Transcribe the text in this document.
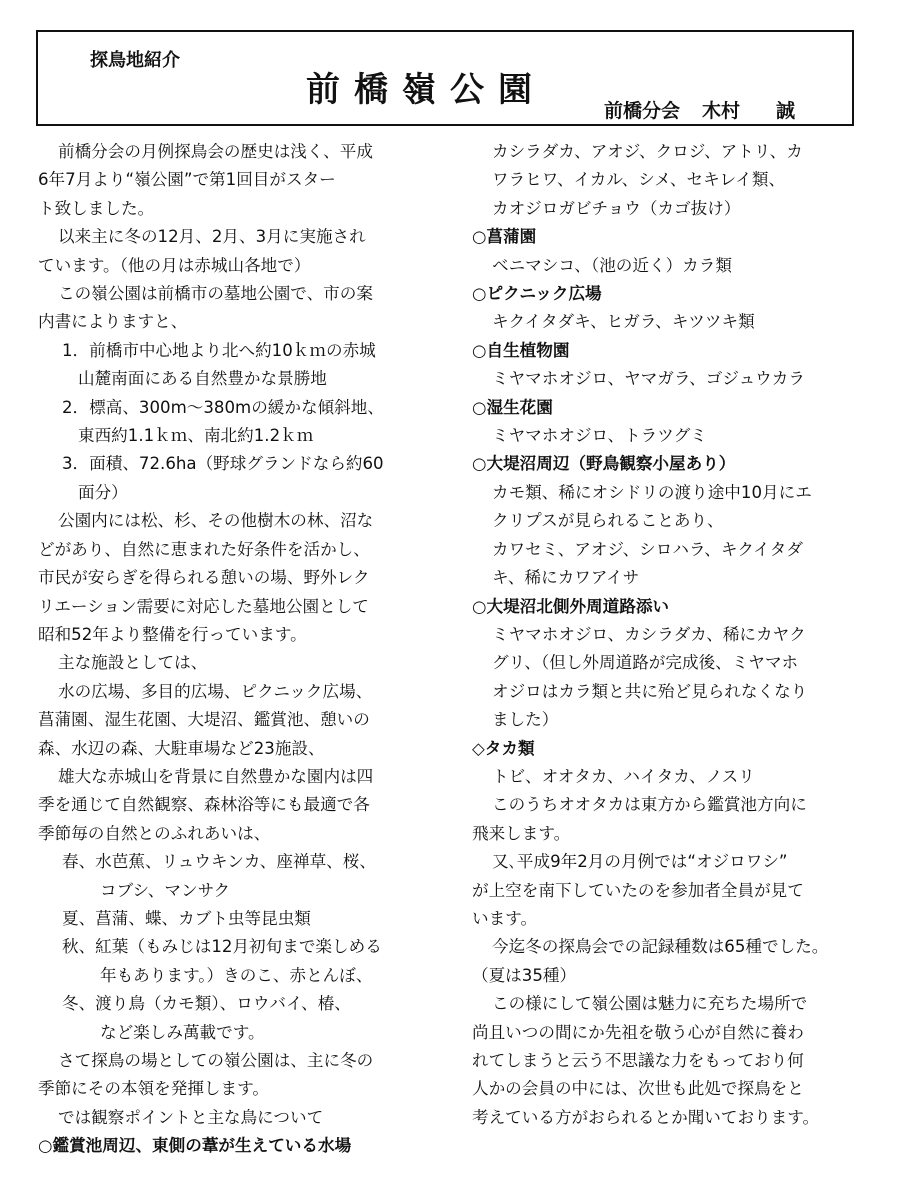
探鳥地紹介
前橋嶺公園
前橋分会 木村 誠
前橋分会の月例探鳥会の歴史は浅く、平成
6年7月より“嶺公園”で第1回目がスター
ト致しました。
以来主に冬の12月、2月、3月に実施され
ています。（他の月は赤城山各地で）
この嶺公園は前橋市の墓地公園で、市の案
内書によりますと、
1．前橋市中心地より北へ約10ｋｍの赤城
山麓南面にある自然豊かな景勝地
2．標高、300m～380mの緩かな傾斜地、
東西約1.1ｋｍ、南北約1.2ｋｍ
3．面積、72.6ha（野球グランドなら約60
面分）
公園内には松、杉、その他樹木の林、沼な
どがあり、自然に恵まれた好条件を活かし、
市民が安らぎを得られる憩いの場、野外レク
リエーション需要に対応した墓地公園として
昭和52年より整備を行っています。
主な施設としては、
水の広場、多目的広場、ピクニック広場、
菖蒲園、湿生花園、大堤沼、鑑賞池、憩いの
森、水辺の森、大駐車場など23施設、
雄大な赤城山を背景に自然豊かな園内は四
季を通じて自然観察、森林浴等にも最適で各
季節毎の自然とのふれあいは、
春、水芭蕉、リュウキンカ、座禅草、桜、
コブシ、マンサク
夏、菖蒲、蝶、カブト虫等昆虫類
秋、紅葉（もみじは12月初旬まで楽しめる
年もあります。）きのこ、赤とんぼ、
冬、渡り鳥（カモ類）、ロウバイ、椿、
など楽しみ萬載です。
さて探鳥の場としての嶺公園は、主に冬の
季節にその本領を発揮します。
では観察ポイントと主な鳥について
○鑑賞池周辺、東側の葦が生えている水場
カシラダカ、アオジ、クロジ、アトリ、カ
ワラヒワ、イカル、シメ、セキレイ類、
カオジロガビチョウ（カゴ抜け）
○菖蒲園
ベニマシコ、（池の近く）カラ類
○ピクニック広場
キクイタダキ、ヒガラ、キツツキ類
○自生植物園
ミヤマホオジロ、ヤマガラ、ゴジュウカラ
○湿生花園
ミヤマホオジロ、トラツグミ
○大堤沼周辺（野鳥観察小屋あり）
カモ類、稀にオシドリの渡り途中10月にエ
クリプスが見られることあり、
カワセミ、アオジ、シロハラ、キクイタダ
キ、稀にカワアイサ
○大堤沼北側外周道路添い
ミヤマホオジロ、カシラダカ、稀にカヤク
グリ、（但し外周道路が完成後、ミヤマホ
オジロはカラ類と共に殆ど見られなくなり
ました）
◇タカ類
トビ、オオタカ、ハイタカ、ノスリ
このうちオオタカは東方から鑑賞池方向に
飛来します。
又､平成9年2月の月例では“オジロワシ”
が上空を南下していたのを参加者全員が見て
います。
今迄冬の探鳥会での記録種数は65種でした。
（夏は35種）
この様にして嶺公園は魅力に充ちた場所で
尚且いつの間にか先祖を敬う心が自然に養わ
れてしまうと云う不思議な力をもっており何
人かの会員の中には、次世も此処で探鳥をと
考えている方がおられるとか聞いております。
